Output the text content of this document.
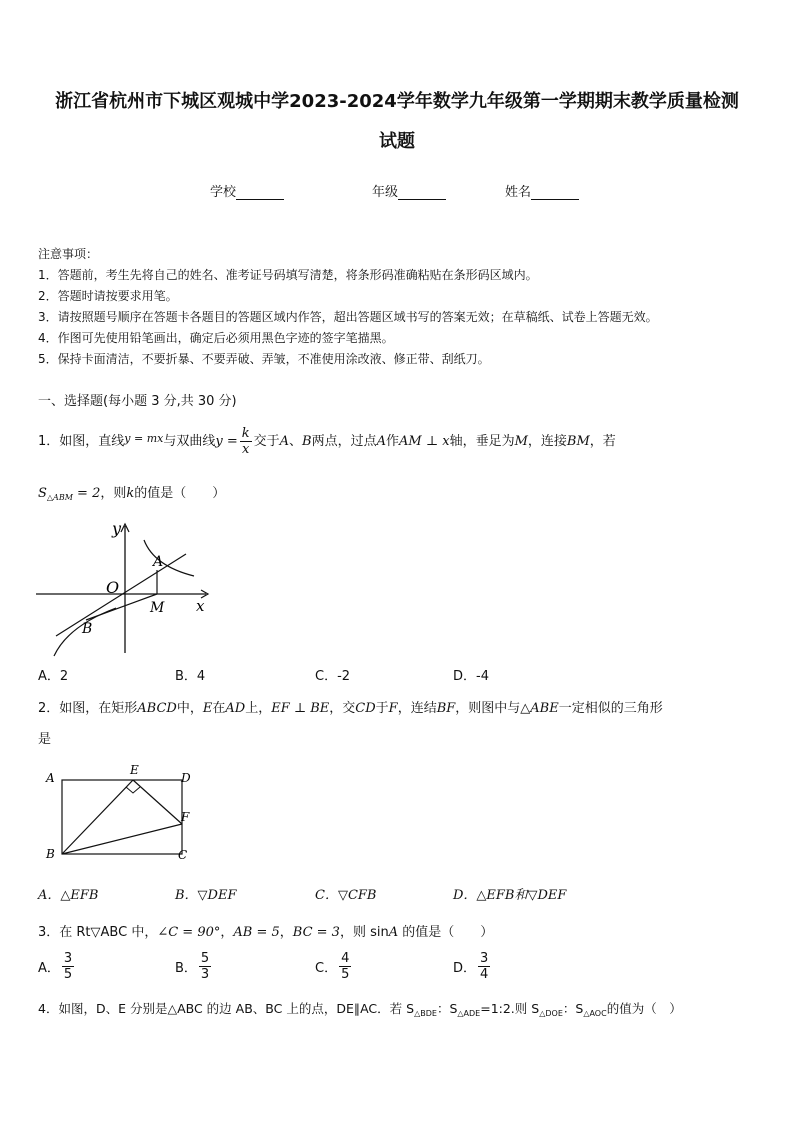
浙江省杭州市下城区观城中学2023-2024学年数学九年级第一学期期末教学质量检测
试题
学校	年级	姓名
注意事项：
1．答题前，考生先将自己的姓名、准考证号码填写清楚，将条形码准确粘贴在条形码区域内。
2．答题时请按要求用笔。
3．请按照题号顺序在答题卡各题目的答题区域内作答，超出答题区域书写的答案无效；在草稿纸、试卷上答题无效。
4．作图可先使用铅笔画出，确定后必须用黑色字迹的签字笔描黑。
5．保持卡面清洁，不要折暴、不要弄破、弄皱，不准使用涂改液、修正带、刮纸刀。
一、选择题(每小题 3 分,共 30 分)
1．如图，直线$^{y = mx}$与双曲线$y = \frac{k}{x}$ 交于A、B两点，过点A作AM ⊥ x轴，垂足为M，连接BM，若
$S_{\triangle ABM} = 2$，则k的值是（　　）
y
x
O
A
B
M
A．2	B．4	C．-2	D．-4
2．如图，在矩形ABCD中，E在AD上，EF ⊥ BE，交CD于F，连结BF，则图中与△ABE一定相似的三角形
是
A
E
D
F
B	C
A．△EFB	B．▽DEF	C．▽CFB	D．△EFB和▽DEF
3．在 Rt▽ABC 中，∠C = 90°，AB = 5，BC = 3，则 sinA 的值是（　　）
A． $\frac{3}{5}$	B． $\frac{5}{3}$	C． $\frac{4}{5}$	D． $\frac{3}{4}$
4．如图，D、E 分别是△ABC 的边 AB、BC 上的点，DE∥AC．若 $S_{\triangle BDE}$：$S_{\triangle ADE}=1:2$.则 $S_{\triangle DOE}$：$S_{\triangle AOC}$的值为（　）
